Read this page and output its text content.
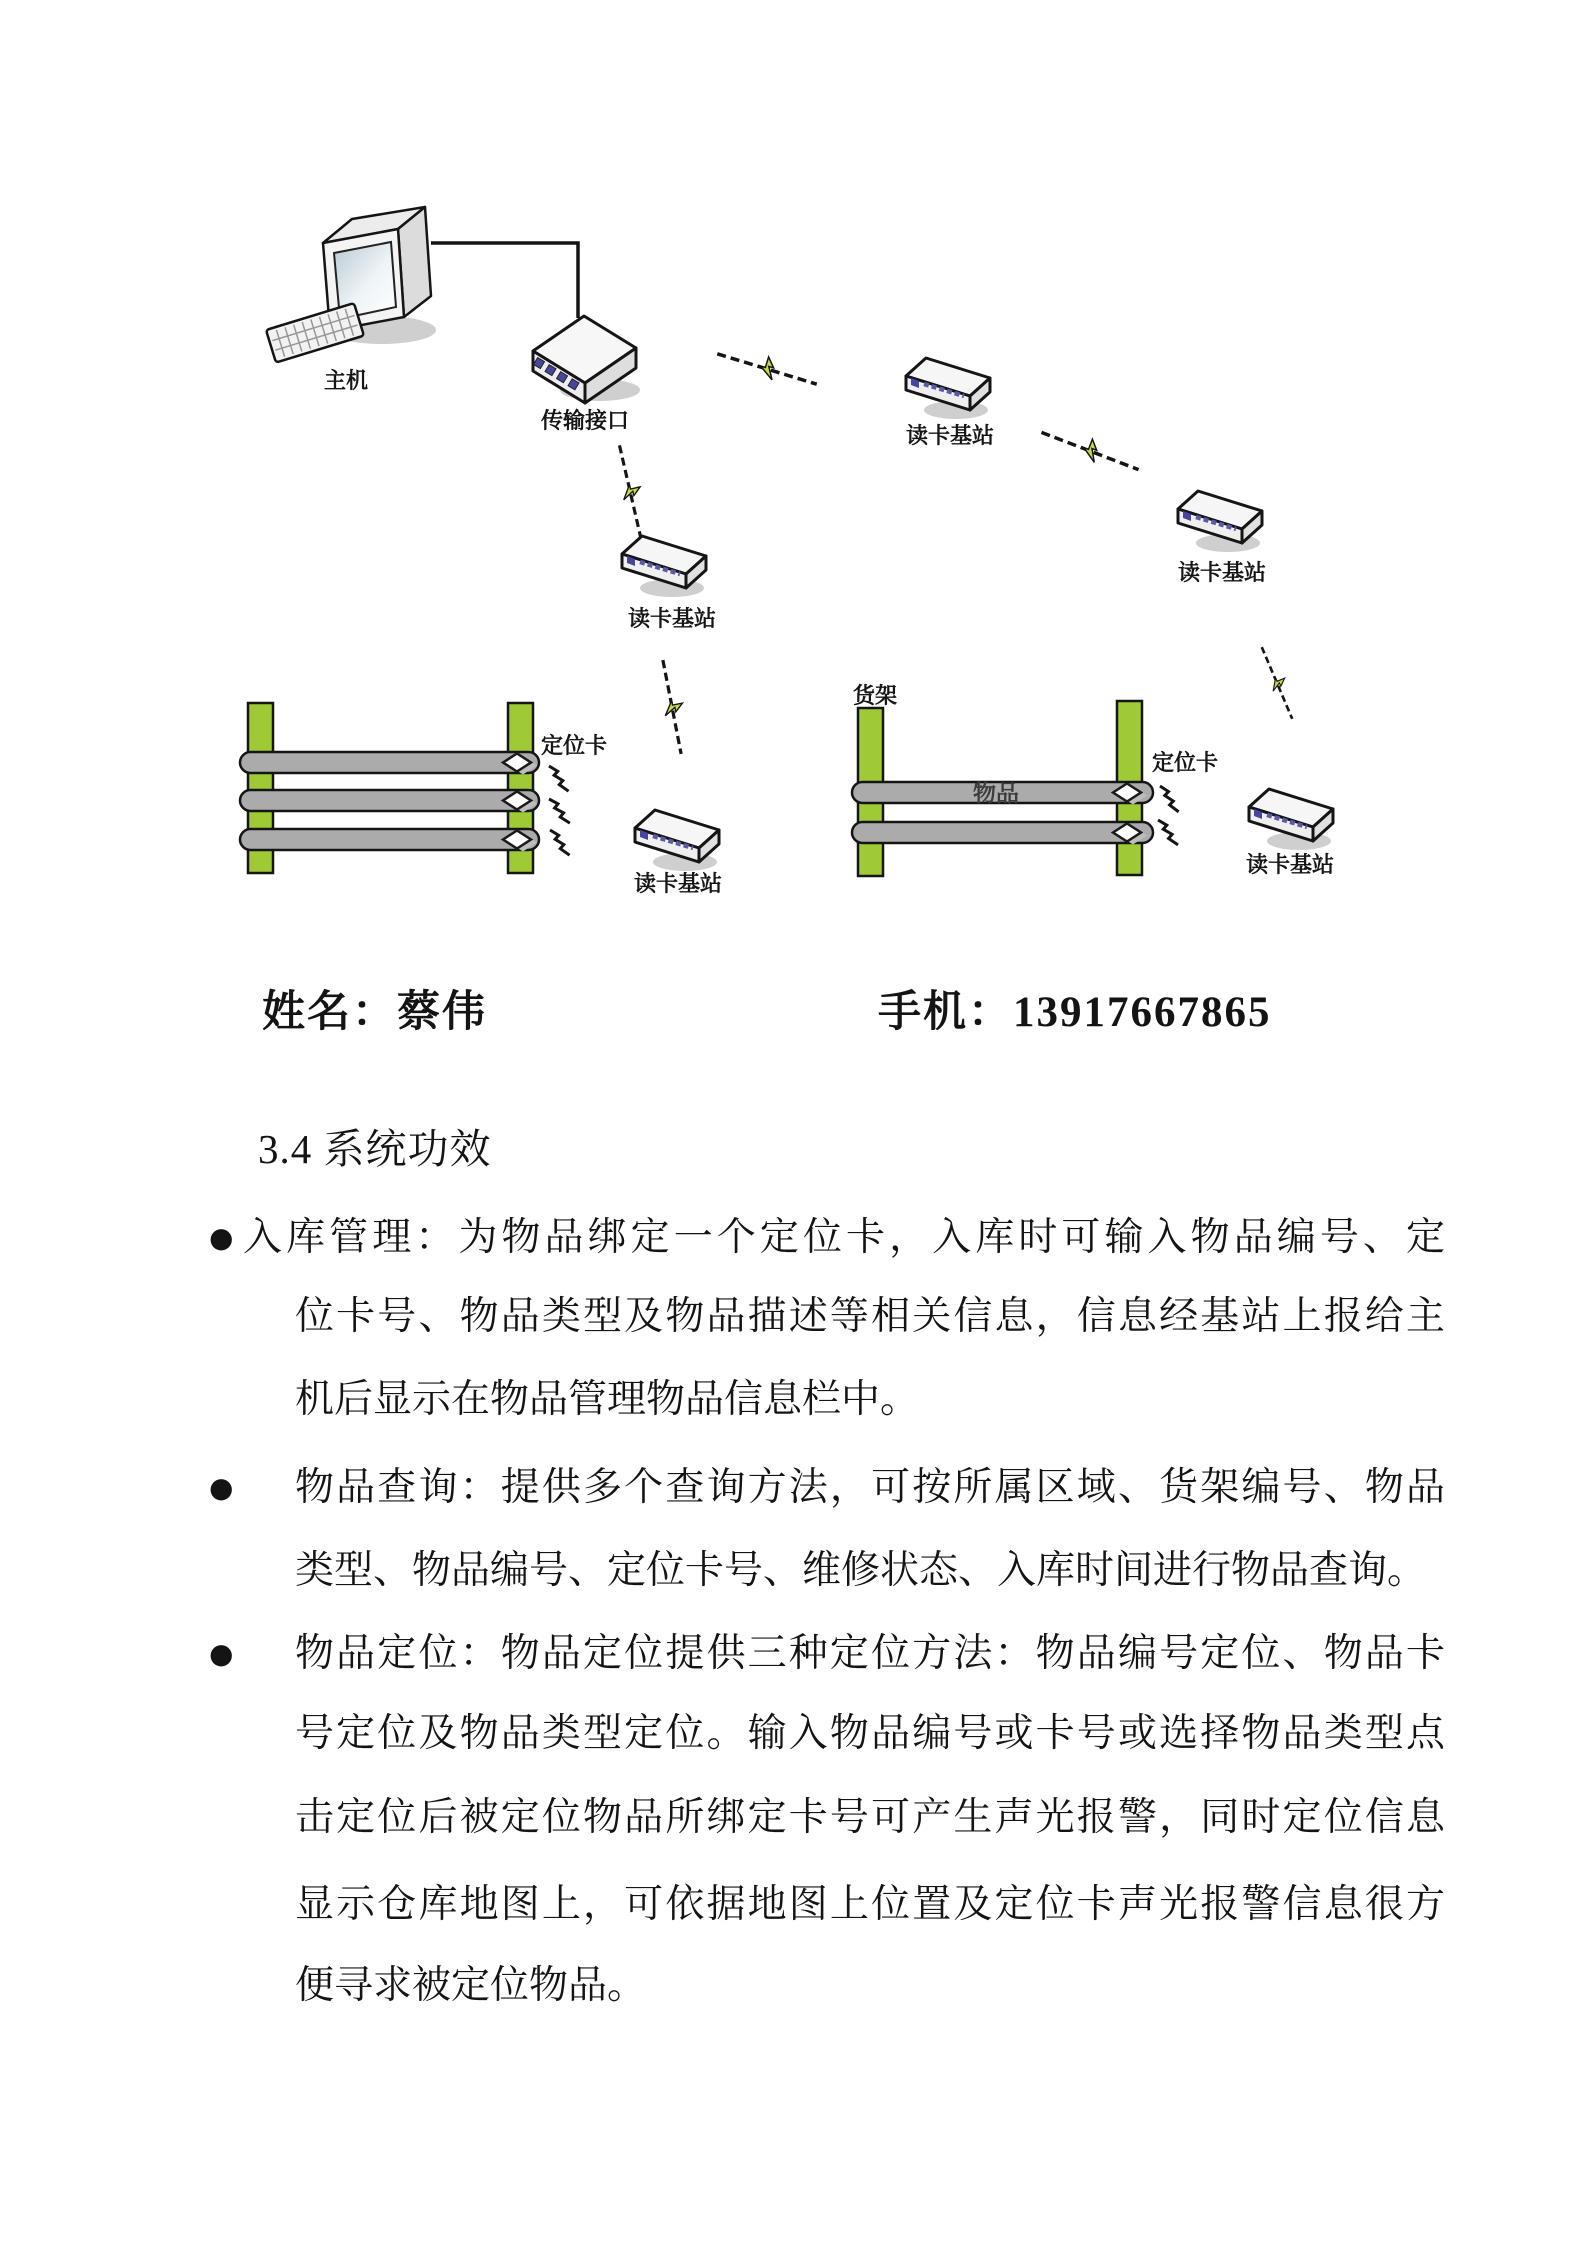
主机
传输接口
读卡基站
读卡基站
读卡基站
读卡基站
读卡基站
定位卡
货架
物品
定位卡
姓名：蔡伟	手机：13917667865
3.4 系统功效
● 入库管理：为物品绑定一个定位卡，入库时可输入物品编号、定
位卡号、物品类型及物品描述等相关信息，信息经基站上报给主
机后显示在物品管理物品信息栏中。
● 物品查询：提供多个查询方法，可按所属区域、货架编号、物品
类型、物品编号、定位卡号、维修状态、入库时间进行物品查询。
● 物品定位：物品定位提供三种定位方法：物品编号定位、物品卡
号定位及物品类型定位。输入物品编号或卡号或选择物品类型点
击定位后被定位物品所绑定卡号可产生声光报警，同时定位信息
显示仓库地图上，可依据地图上位置及定位卡声光报警信息很方
便寻求被定位物品。
